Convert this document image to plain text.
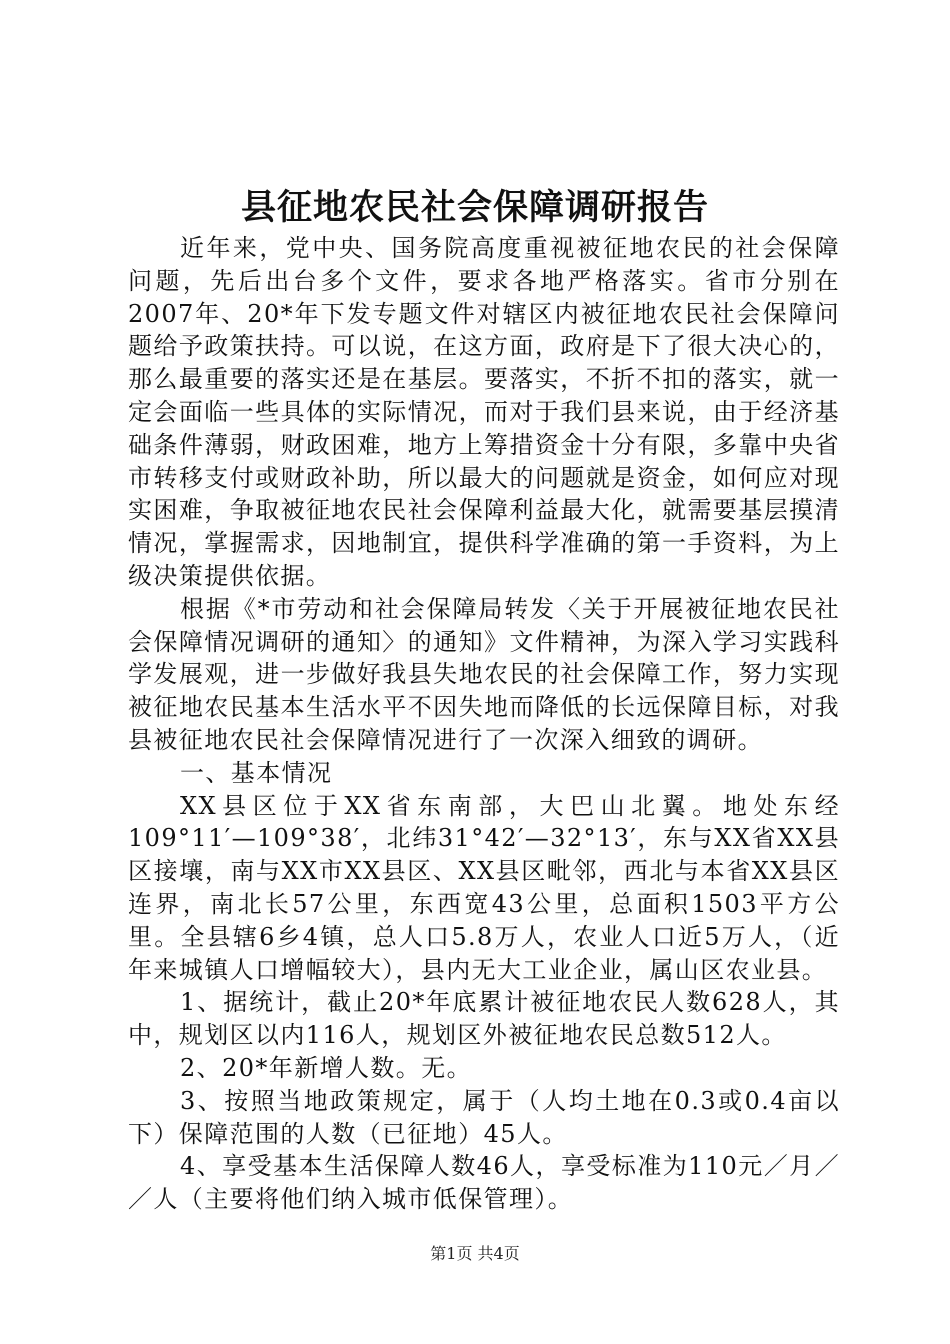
县征地农民社会保障调研报告

近年来，党中央、国务院高度重视被征地农民的社会保障问题，先后出台多个文件，要求各地严格落实。省市分别在2007年、20*年下发专题文件对辖区内被征地农民社会保障问题给予政策扶持。可以说，在这方面，政府是下了很大决心的，那么最重要的落实还是在基层。要落实，不折不扣的落实，就一定会面临一些具体的实际情况，而对于我们县来说，由于经济基础条件薄弱，财政困难，地方上筹措资金十分有限，多靠中央省市转移支付或财政补助，所以最大的问题就是资金，如何应对现实困难，争取被征地农民社会保障利益最大化，就需要基层摸清情况，掌握需求，因地制宜，提供科学准确的第一手资料，为上级决策提供依据。

根据《*市劳动和社会保障局转发〈关于开展被征地农民社会保障情况调研的通知〉的通知》文件精神，为深入学习实践科学发展观，进一步做好我县失地农民的社会保障工作，努力实现被征地农民基本生活水平不因失地而降低的长远保障目标，对我县被征地农民社会保障情况进行了一次深入细致的调研。

一、基本情况

XX县区位于XX省东南部，大巴山北翼。地处东经109°11′—109°38′，北纬31°42′—32°13′，东与XX省XX县区接壤，南与XX市XX县区、XX县区毗邻，西北与本省XX县区连界，南北长57公里，东西宽43公里，总面积1503平方公里。全县辖6乡4镇，总人口5.8万人，农业人口近5万人，（近年来城镇人口增幅较大），县内无大工业企业，属山区农业县。

1、据统计，截止20*年底累计被征地农民人数628人，其中，规划区以内116人，规划区外被征地农民总数512人。

2、20*年新增人数。无。

3、按照当地政策规定，属于（人均土地在0.3或0.4亩以下）保障范围的人数（已征地）45人。

4、享受基本生活保障人数46人，享受标准为110元／月／／人（主要将他们纳入城市低保管理）。

第1页 共4页
